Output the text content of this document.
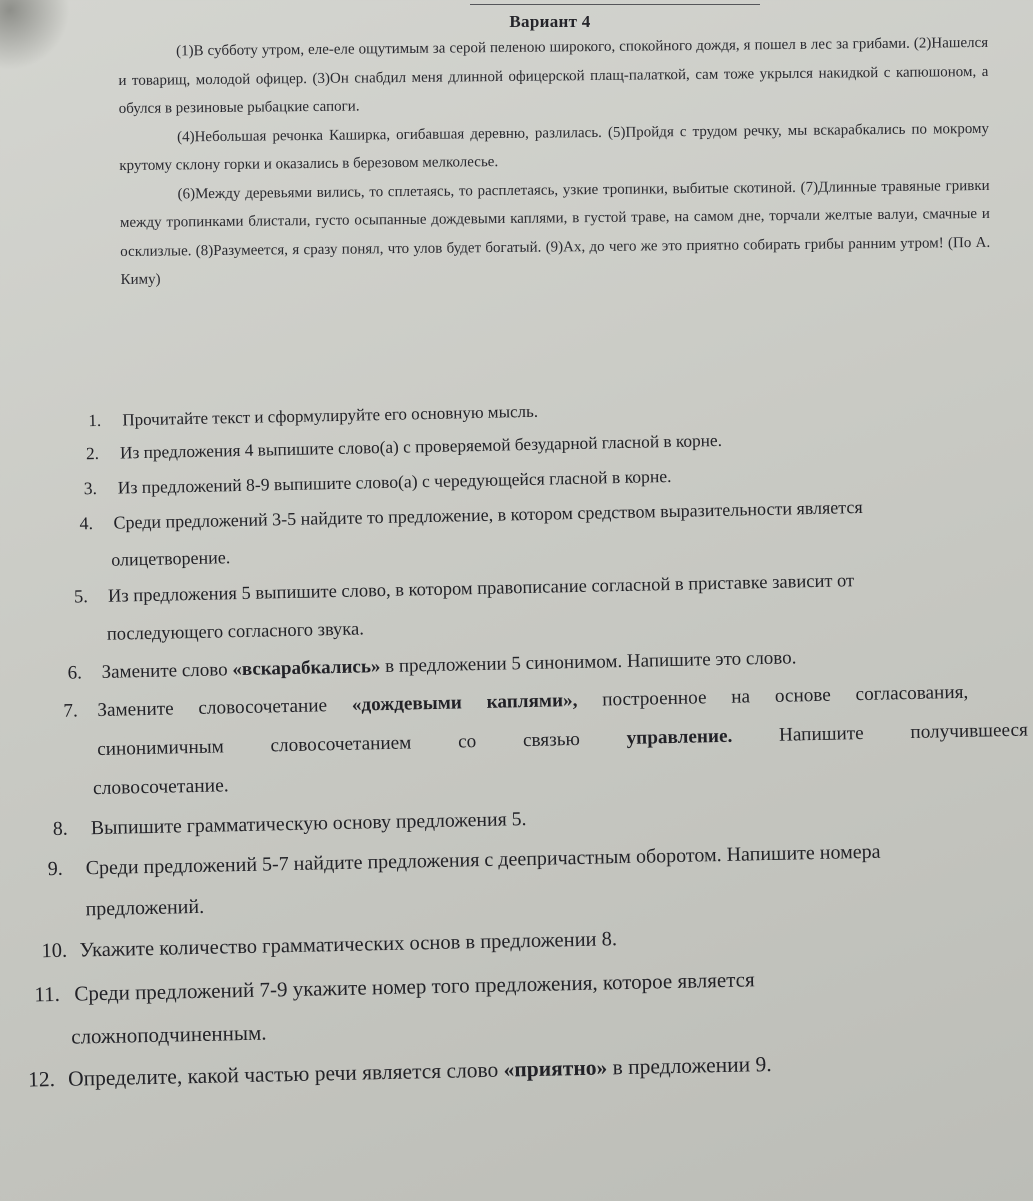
Вариант 4

(1)В субботу утром, еле-еле ощутимым за серой пеленою широкого, спокойного дождя, я пошел в лес за грибами. (2)Нашелся и товарищ, молодой офицер. (3)Он снабдил меня длинной офицерской плащ-палаткой, сам тоже укрылся накидкой с капюшоном, а обулся в резиновые рыбацкие сапоги.

(4)Небольшая речонка Каширка, огибавшая деревню, разлилась. (5)Пройдя с трудом речку, мы вскарабкались по мокрому крутому склону горки и оказались в березовом мелколесье.

(6)Между деревьями вились, то сплетаясь, то расплетаясь, узкие тропинки, выбитые скотиной. (7)Длинные травяные гривки между тропинками блистали, густо осыпанные дождевыми каплями, в густой траве, на самом дне, торчали желтые валуи, смачные и осклизлые. (8)Разумеется, я сразу понял, что улов будет богатый. (9)Ах, до чего же это приятно собирать грибы ранним утром! (По А. Киму)

1. Прочитайте текст и сформулируйте его основную мысль.
2. Из предложения 4 выпишите слово(а) с проверяемой безударной гласной в корне.
3. Из предложений 8-9 выпишите слово(а) с чередующейся гласной в корне.
4. Среди предложений 3-5 найдите то предложение, в котором средством выразительности является
олицетворение.
5. Из предложения 5 выпишите слово, в котором правописание согласной в приставке зависит от
последующего согласного звука.
6. Замените слово «вскарабкались» в предложении 5 синонимом. Напишите это слово.
7. Замените словосочетание «дождевыми каплями», построенное на основе согласования,
синонимичным словосочетанием со связью управление. Напишите получившееся
словосочетание.
8. Выпишите грамматическую основу предложения 5.
9. Среди предложений 5-7 найдите предложения с деепричастным оборотом. Напишите номера
предложений.
10. Укажите количество грамматических основ в предложении 8.
11. Среди предложений 7-9 укажите номер того предложения, которое является
сложноподчиненным.
12. Определите, какой частью речи является слово «приятно» в предложении 9.
